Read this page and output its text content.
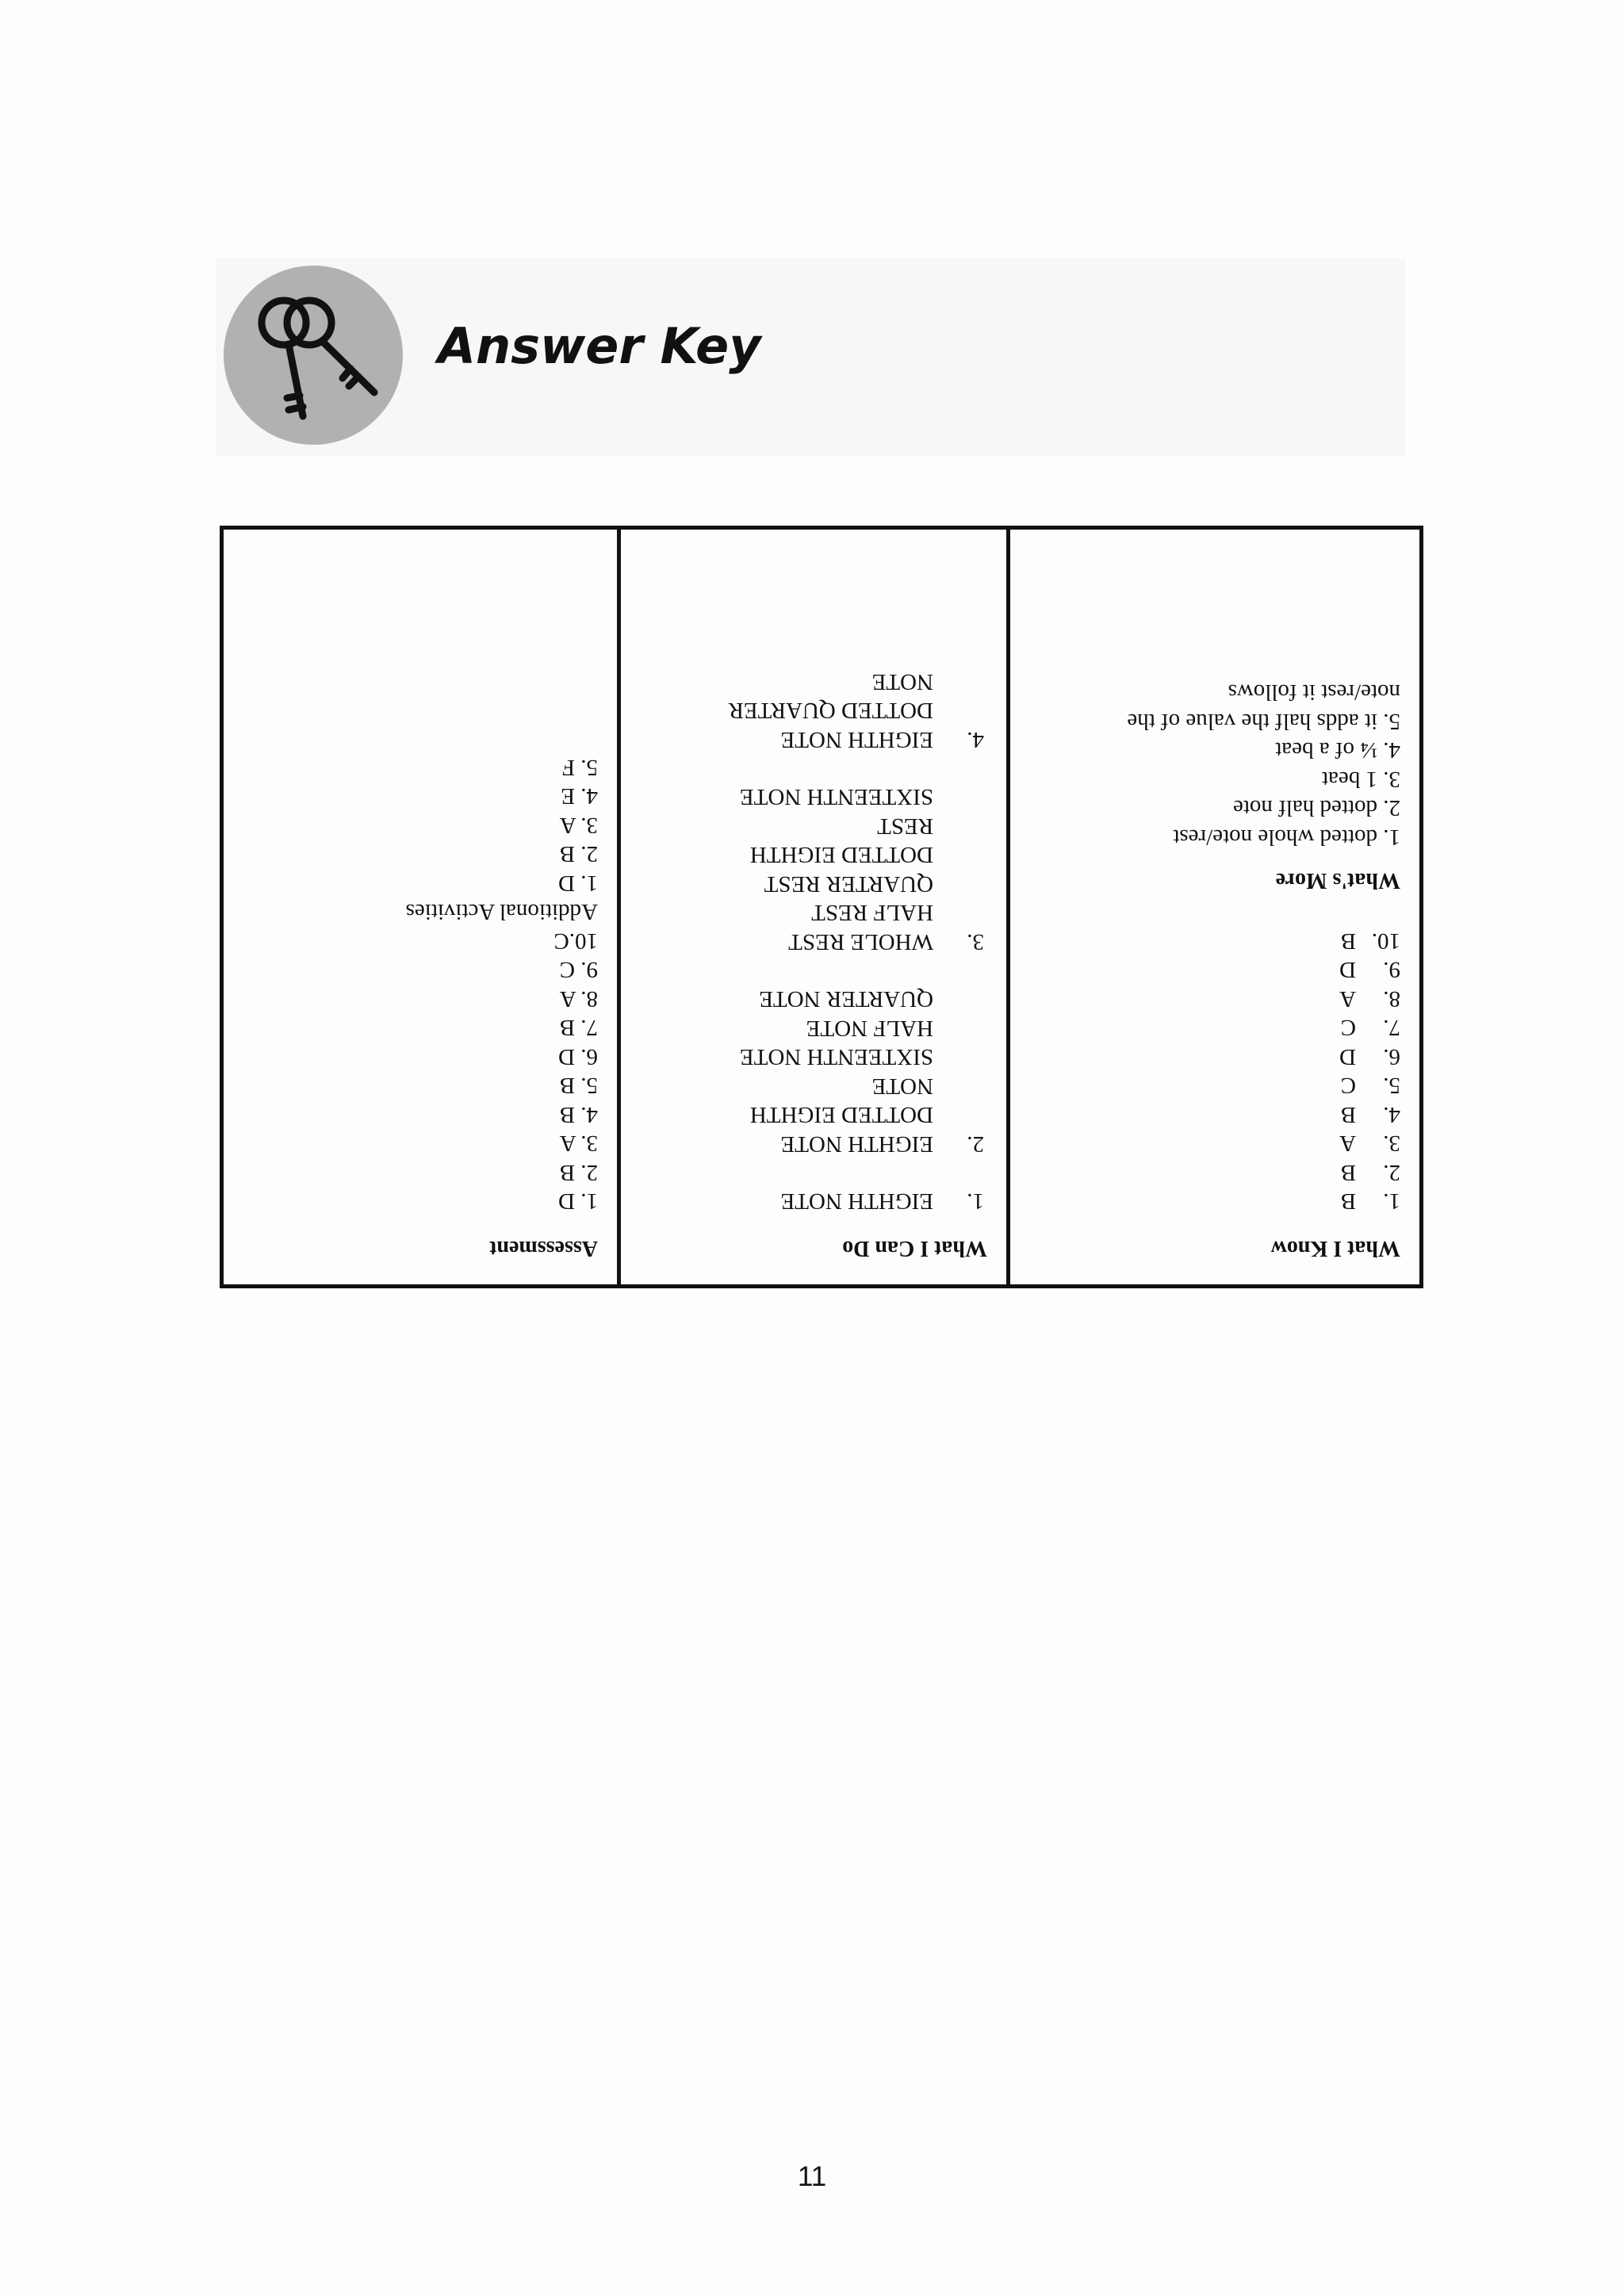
Answer Key
What I Know
1.B
2.B
3.A
4.B
5.C
6.D
7.C
8.A
9.D
10.B
What's More
1. dotted whole note/rest
2. dotted half note
3. 1 beat
4. ¼ of a beat
5. it adds half the value of the
note/rest it follows
What I Can Do
1.
EIGHTH NOTE
2.
EIGHTH NOTE
DOTTED EIGHTH
NOTE
SIXTEENTH NOTE
HALF NOTE
QUARTER NOTE
3.
WHOLE REST
HALF REST
QUARTER REST
DOTTED EIGHTH
REST
SIXTEENTH NOTE
4.
EIGHTH NOTE
DOTTED QUARTER
NOTE
Assessment
1. D
2. B
3. A
4. B
5. B
6. D
7. B
8. A
9. C
10.C
Additional Activities
1. D
2. B
3. A
4. E
5. F
11
